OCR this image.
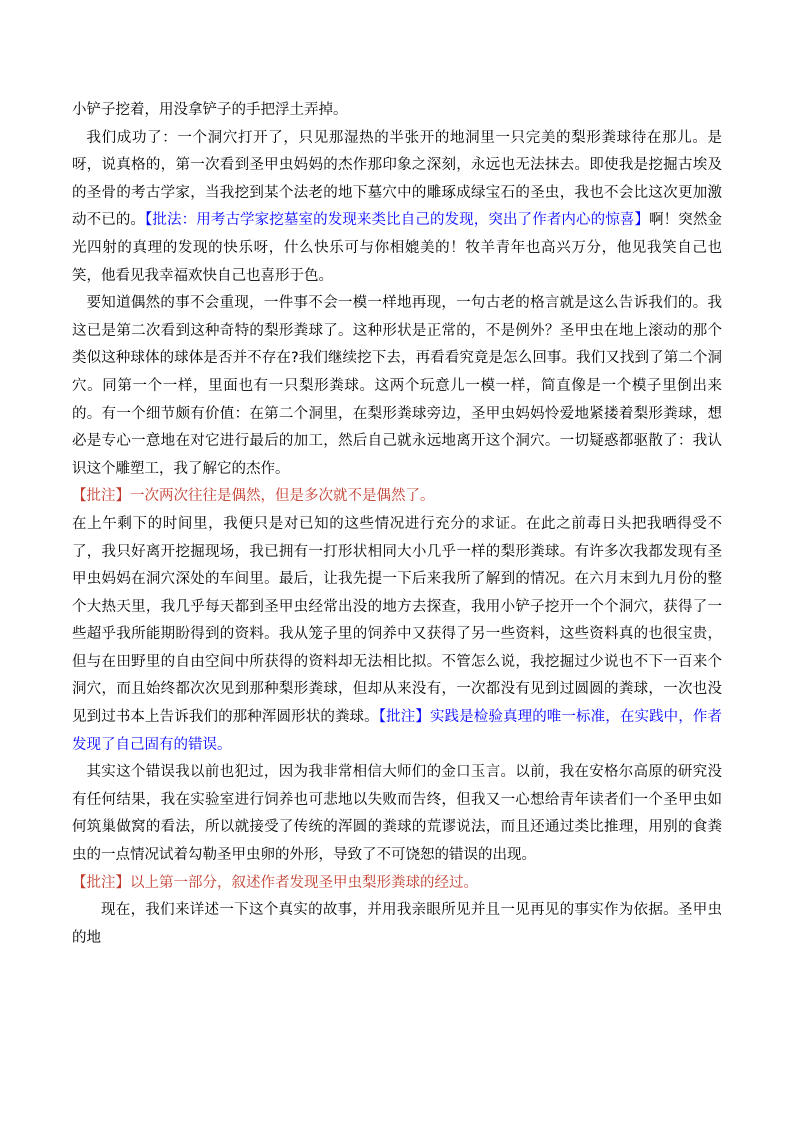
小铲子挖着，用没拿铲子的手把浮土弄掉。

我们成功了：一个洞穴打开了，只见那湿热的半张开的地洞里一只完美的梨形粪球待在那儿。是呀，说真格的，第一次看到圣甲虫妈妈的杰作那印象之深刻，永远也无法抹去。即使我是挖掘古埃及的圣骨的考古学家，当我挖到某个法老的地下墓穴中的雕琢成绿宝石的圣虫，我也不会比这次更加激动不已的。【批法：用考古学家挖墓室的发现来类比自己的发现，突出了作者内心的惊喜】啊！突然金光四射的真理的发现的快乐呀，什么快乐可与你相媲美的！牧羊青年也高兴万分，他见我笑自己也笑，他看见我幸福欢快自己也喜形于色。

要知道偶然的事不会重现，一件事不会一模一样地再现，一句古老的格言就是这么告诉我们的。我这已是第二次看到这种奇特的梨形粪球了。这种形状是正常的，不是例外？圣甲虫在地上滚动的那个类似这种球体的球体是否并不存在?我们继续挖下去，再看看究竟是怎么回事。我们又找到了第二个洞穴。同第一个一样，里面也有一只梨形粪球。这两个玩意儿一模一样，简直像是一个模子里倒出来的。有一个细节颇有价值：在第二个洞里，在梨形粪球旁边，圣甲虫妈妈怜爱地紧搂着梨形粪球，想必是专心一意地在对它进行最后的加工，然后自己就永远地离开这个洞穴。一切疑惑都驱散了：我认识这个雕塑工，我了解它的杰作。

【批注】一次两次往往是偶然，但是多次就不是偶然了。

在上午剩下的时间里，我便只是对已知的这些情况进行充分的求证。在此之前毒日头把我晒得受不了，我只好离开挖掘现场，我已拥有一打形状相同大小几乎一样的梨形粪球。有许多次我都发现有圣甲虫妈妈在洞穴深处的车间里。最后，让我先提一下后来我所了解到的情况。在六月末到九月份的整个大热天里，我几乎每天都到圣甲虫经常出没的地方去探查，我用小铲子挖开一个个洞穴，获得了一些超乎我所能期盼得到的资料。我从笼子里的饲养中又获得了另一些资料，这些资料真的也很宝贵，但与在田野里的自由空间中所获得的资料却无法相比拟。不管怎么说，我挖掘过少说也不下一百来个洞穴，而且始终都次次见到那种梨形粪球，但却从来没有，一次都没有见到过圆圆的粪球，一次也没见到过书本上告诉我们的那种浑圆形状的粪球。【批注】实践是检验真理的唯一标准，在实践中，作者发现了自己固有的错误。

其实这个错误我以前也犯过，因为我非常相信大师们的金口玉言。以前，我在安格尔高原的研究没有任何结果，我在实验室进行饲养也可悲地以失败而告终，但我又一心想给青年读者们一个圣甲虫如何筑巢做窝的看法，所以就接受了传统的浑圆的粪球的荒谬说法，而且还通过类比推理，用别的食粪虫的一点情况试着勾勒圣甲虫卵的外形，导致了不可饶恕的错误的出现。

【批注】以上第一部分，叙述作者发现圣甲虫梨形粪球的经过。

现在，我们来详述一下这个真实的故事，并用我亲眼所见并且一见再见的事实作为依据。圣甲虫的地
